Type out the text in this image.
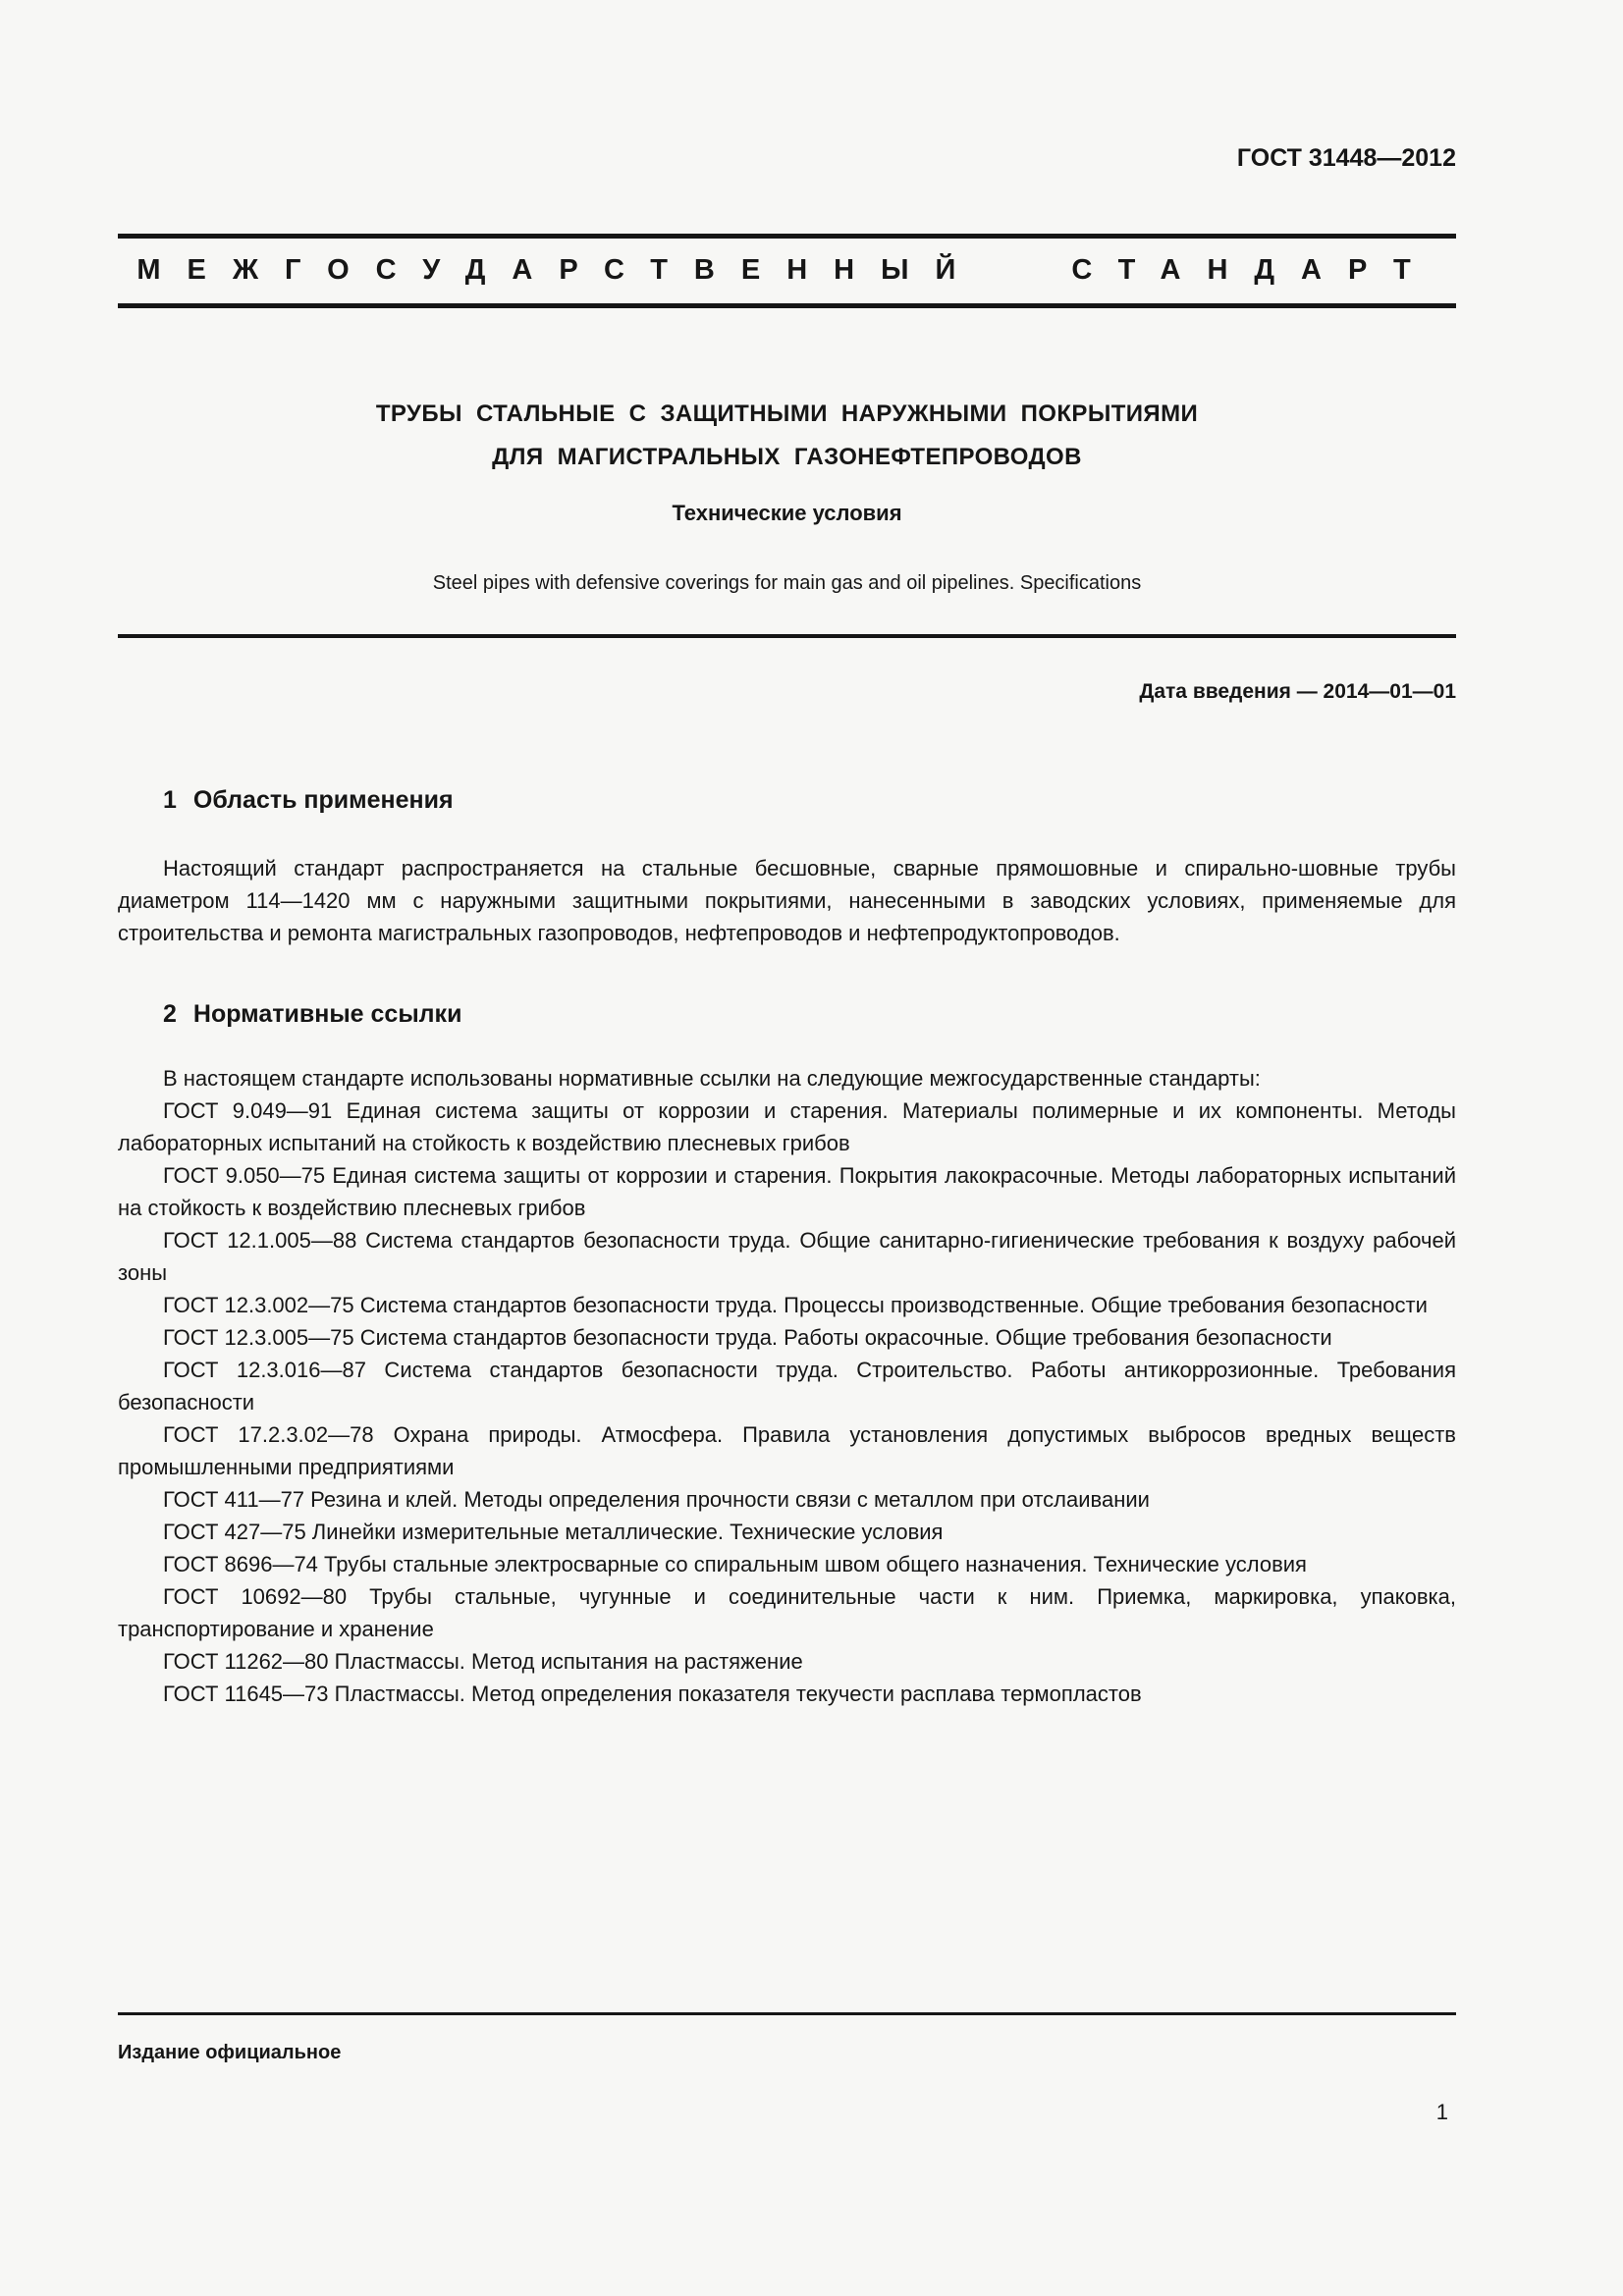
ГОСТ 31448—2012
МЕЖГОСУДАРСТВЕННЫЙ СТАНДАРТ
ТРУБЫ СТАЛЬНЫЕ С ЗАЩИТНЫМИ НАРУЖНЫМИ ПОКРЫТИЯМИ
ДЛЯ МАГИСТРАЛЬНЫХ ГАЗОНЕФТЕПРОВОДОВ
Технические условия
Steel pipes with defensive coverings for main gas and oil pipelines. Specifications
Дата введения — 2014—01—01
1 Область применения

Настоящий стандарт распространяется на стальные бесшовные, сварные прямошовные и спирально-шовные трубы диаметром 114—1420 мм с наружными защитными покрытиями, нанесенными в заводских условиях, применяемые для строительства и ремонта магистральных газопроводов, нефтепроводов и нефтепродуктопроводов.

2 Нормативные ссылки

В настоящем стандарте использованы нормативные ссылки на следующие межгосударственные стандарты:

ГОСТ 9.049—91 Единая система защиты от коррозии и старения. Материалы полимерные и их компоненты. Методы лабораторных испытаний на стойкость к воздействию плесневых грибов

ГОСТ 9.050—75 Единая система защиты от коррозии и старения. Покрытия лакокрасочные. Методы лабораторных испытаний на стойкость к воздействию плесневых грибов

ГОСТ 12.1.005—88 Система стандартов безопасности труда. Общие санитарно-гигиенические требования к воздуху рабочей зоны

ГОСТ 12.3.002—75 Система стандартов безопасности труда. Процессы производственные. Общие требования безопасности

ГОСТ 12.3.005—75 Система стандартов безопасности труда. Работы окрасочные. Общие требования безопасности

ГОСТ 12.3.016—87 Система стандартов безопасности труда. Строительство. Работы антикоррозионные. Требования безопасности

ГОСТ 17.2.3.02—78 Охрана природы. Атмосфера. Правила установления допустимых выбросов вредных веществ промышленными предприятиями

ГОСТ 411—77 Резина и клей. Методы определения прочности связи с металлом при отслаивании

ГОСТ 427—75 Линейки измерительные металлические. Технические условия

ГОСТ 8696—74 Трубы стальные электросварные со спиральным швом общего назначения. Технические условия

ГОСТ 10692—80 Трубы стальные, чугунные и соединительные части к ним. Приемка, маркировка, упаковка, транспортирование и хранение

ГОСТ 11262—80 Пластмассы. Метод испытания на растяжение

ГОСТ 11645—73 Пластмассы. Метод определения показателя текучести расплава термопластов

Издание официальное
1
